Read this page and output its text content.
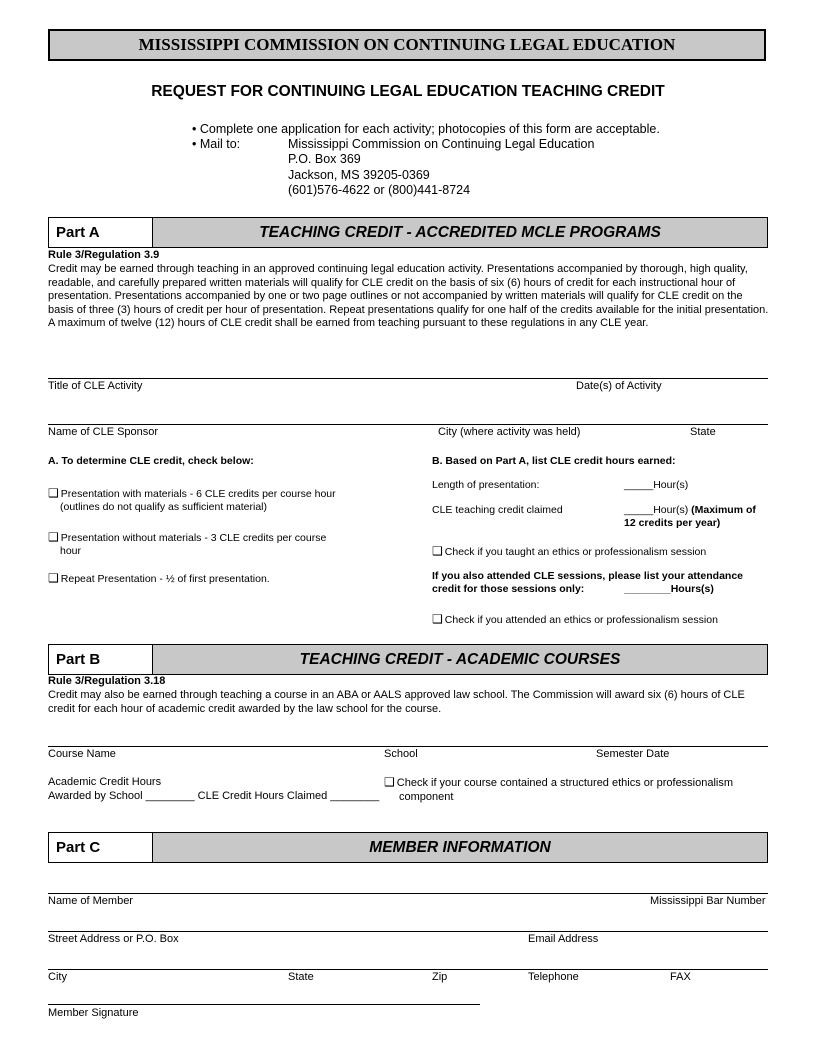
MISSISSIPPI COMMISSION ON CONTINUING LEGAL EDUCATION
REQUEST FOR CONTINUING LEGAL EDUCATION TEACHING CREDIT
• Complete one application for each activity; photocopies of this form are acceptable.
• Mail to:	Mississippi Commission on Continuing Legal Education
P.O. Box 369
Jackson, MS 39205-0369
(601)576-4622 or (800)441-8724
Part A	TEACHING CREDIT - ACCREDITED MCLE PROGRAMS
Rule 3/Regulation 3.9
Credit may be earned through teaching in an approved continuing legal education activity. Presentations accompanied by thorough, high quality, readable, and carefully prepared written materials will qualify for CLE credit on the basis of six (6) hours of credit for each instructional hour of presentation. Presentations accompanied by one or two page outlines or not accompanied by written materials will qualify for CLE credit on the basis of three (3) hours of credit per hour of presentation. Repeat presentations qualify for one half of the credits available for the initial presentation. A maximum of twelve (12) hours of CLE credit shall be earned from teaching pursuant to these regulations in any CLE year.
Title of CLE Activity	Date(s) of Activity
Name of CLE Sponsor	City (where activity was held)	State
A. To determine CLE credit, check below:
❑ Presentation with materials - 6 CLE credits per course hour
(outlines do not qualify as sufficient material)
❑ Presentation without materials - 3 CLE credits per course
hour
❑ Repeat Presentation - ½ of first presentation.
B. Based on Part A, list CLE credit hours earned:
Length of presentation:	_____Hour(s)
CLE teaching credit claimed	_____Hour(s) (Maximum of
12 credits per year)
❑ Check if you taught an ethics or professionalism session
If you also attended CLE sessions, please list your attendance
credit for those sessions only:	________Hours(s)
❑ Check if you attended an ethics or professionalism session
Part B	TEACHING CREDIT - ACADEMIC COURSES
Rule 3/Regulation 3.18
Credit may also be earned through teaching a course in an ABA or AALS approved law school. The Commission will award six (6) hours of CLE credit for each hour of academic credit awarded by the law school for the course.
Course Name	School	Semester Date
Academic Credit Hours
Awarded by School ________ CLE Credit Hours Claimed ________
❑ Check if your course contained a structured ethics or professionalism
component
Part C	MEMBER INFORMATION
Name of Member	Mississippi Bar Number
Street Address or P.O. Box	Email Address
City	State	Zip	Telephone	FAX
Member Signature
